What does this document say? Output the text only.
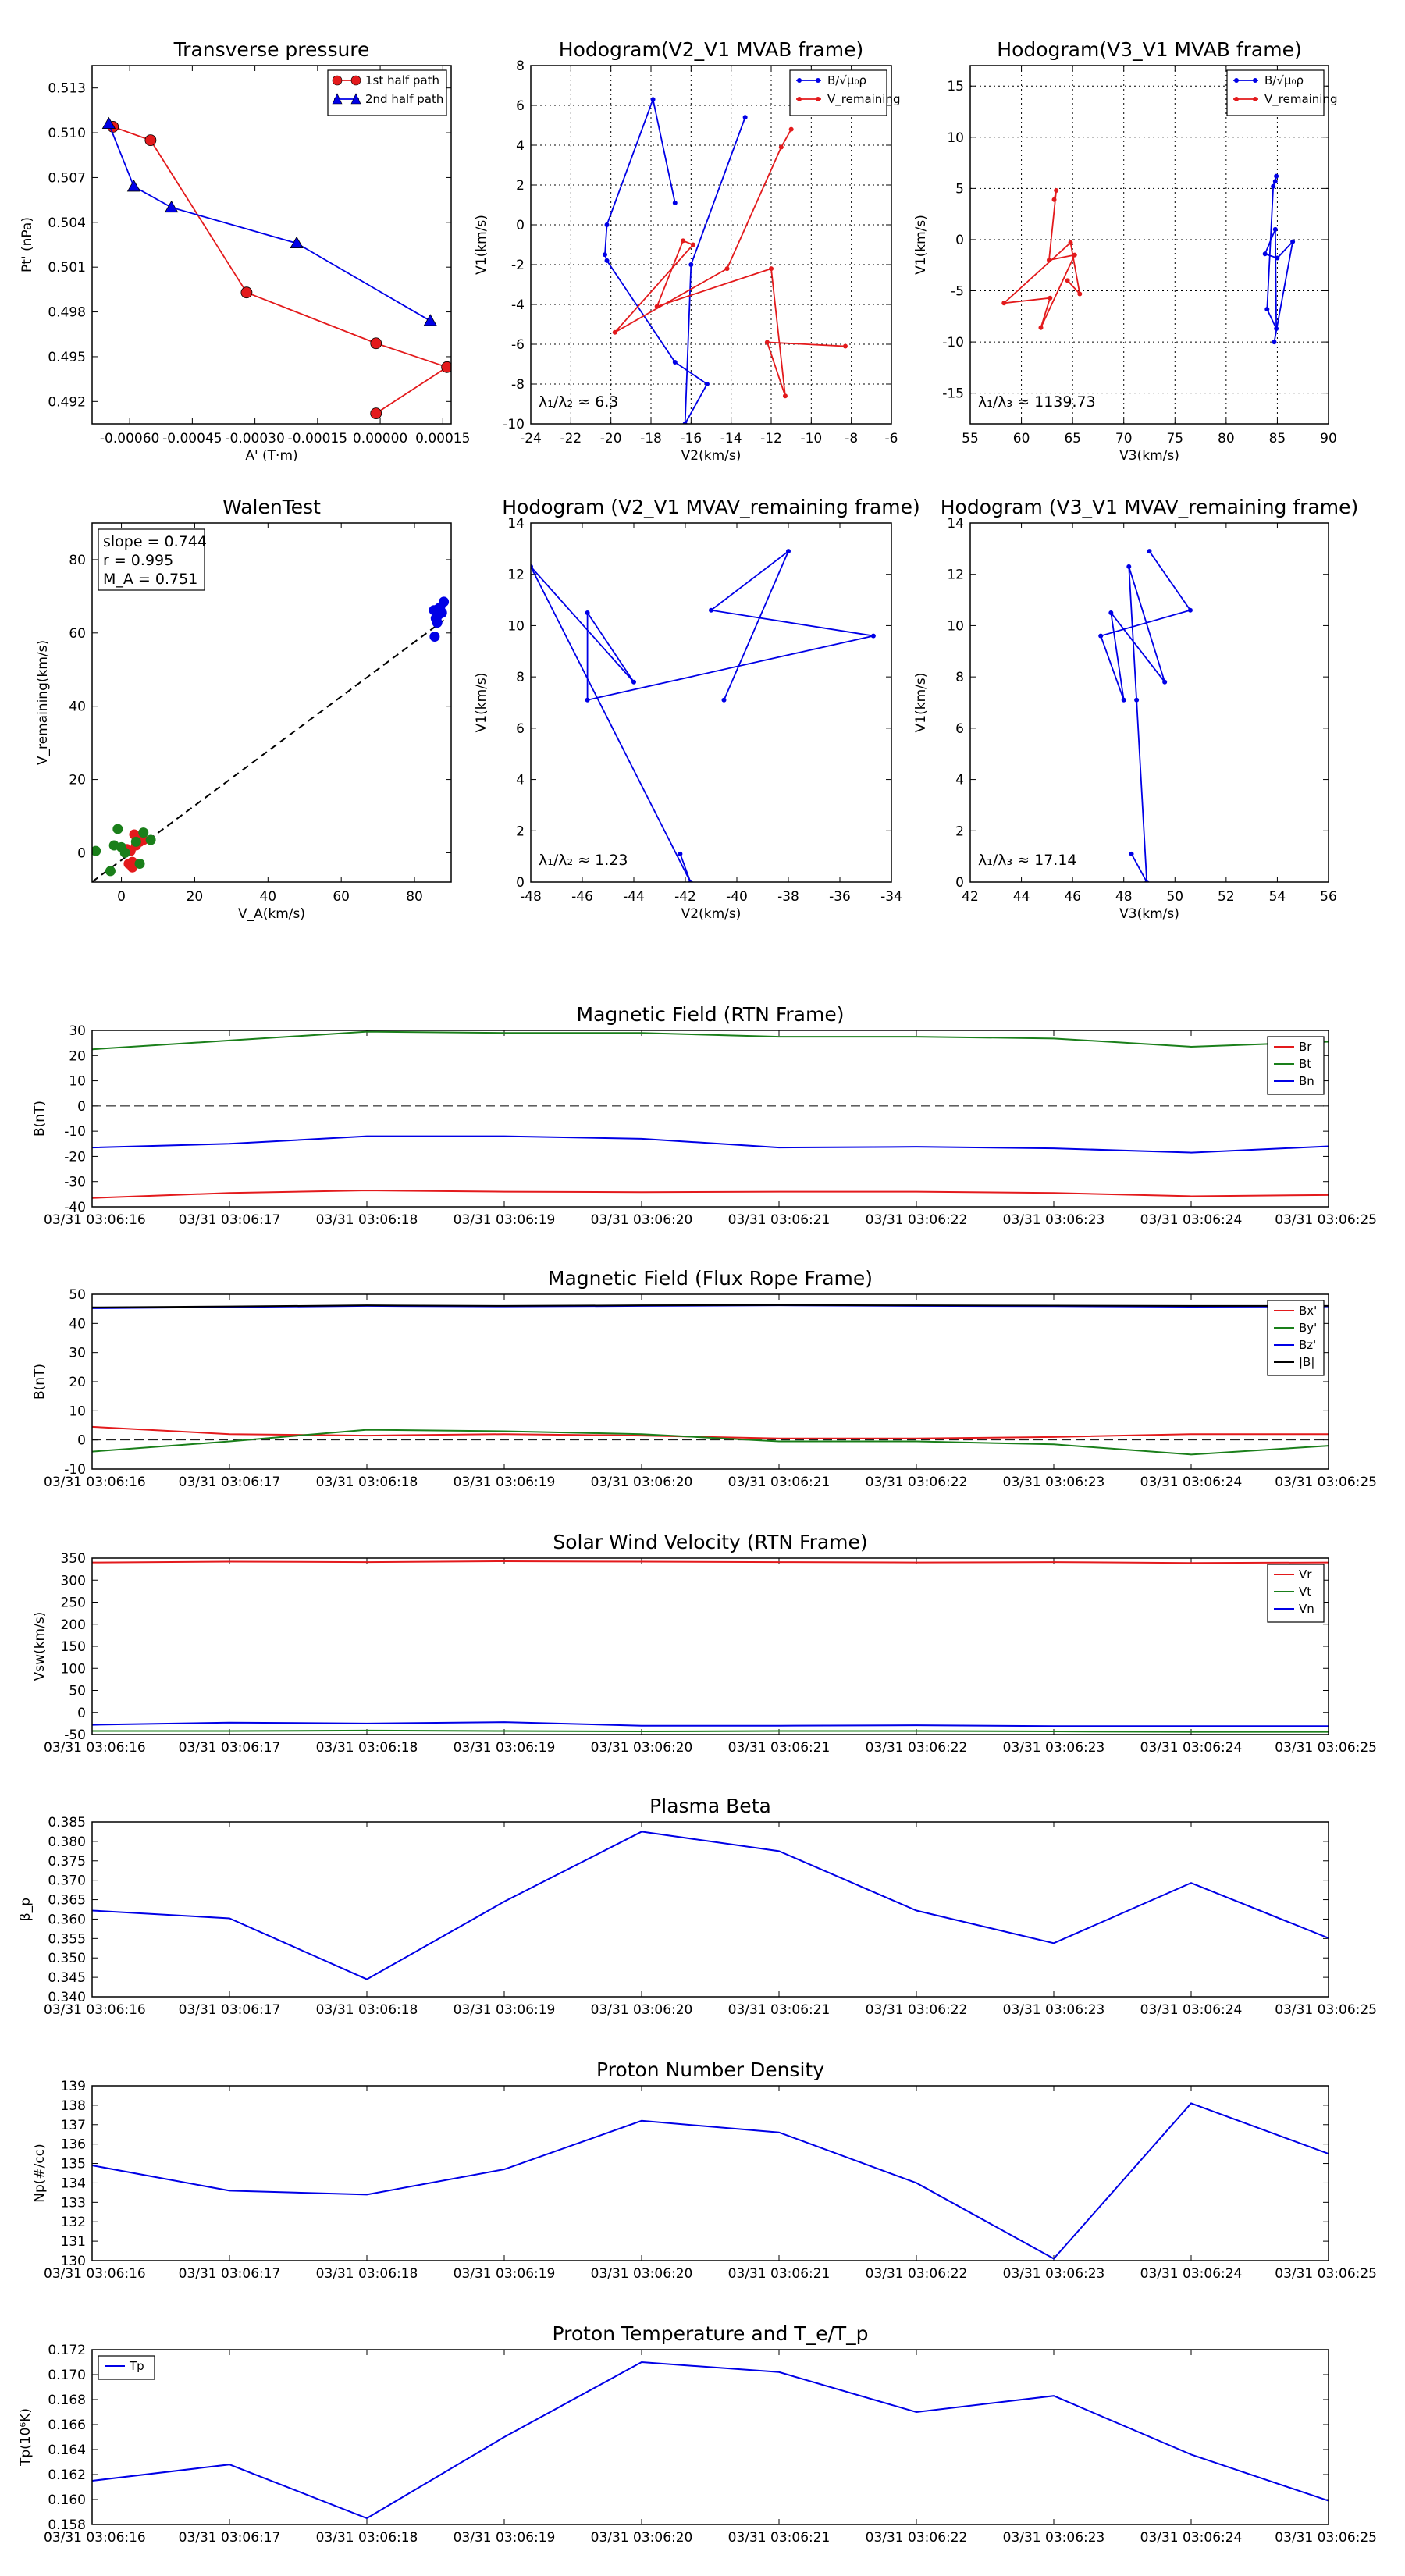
-0.00060 -0.00045 -0.00030 -0.00015 0.00000 0.00015
0.492
0.495
0.498
0.501
0.504
0.507
0.510
0.513
Transverse pressure
Pt' (nPa)
A' (T·m)
1st half path
2nd half path
-24 -22 -20 -18 -16 -14 -12 -10 -8 -6
-10
-8
-6
-4
-2
0
2
4
6
8
Hodogram(V2_V1 MVAB frame)
V1(km/s)
V2(km/s)
λ₁/λ₂ ≈ 6.3
B/√μ₀ρ
V_remaining
55	60	65	70	75	80	85	90
-15
-10
-5
0
5
10
15
Hodogram(V3_V1 MVAB frame)
V1(km/s)
V3(km/s)
λ₁/λ₃ ≈ 1139.73
B/√μ₀ρ
V_remaining
0	20	40	60	80
0
20
40
60
80
WalenTest
V_remaining(km/s)
V_A(km/s)
slope = 0.744
r = 0.995
M_A = 0.751
-48 -46 -44 -42 -40 -38 -36 -34
0
2
4
6
8
10
12
14
Hodogram (V2_V1 MVAV_remaining frame)
V1(km/s)
V2(km/s)
λ₁/λ₂ ≈ 1.23
42	44	46	48	50	52	54	56
0
2
4
6
8
10
12
14
Hodogram (V3_V1 MVAV_remaining frame)
V1(km/s)
V3(km/s)
λ₁/λ₃ ≈ 17.14
03/31 03:06:16 03/31 03:06:17	03/31 03:06:18	03/31 03:06:19	03/31 03:06:20	03/31 03:06:21	03/31 03:06:22	03/31 03:06:23	03/31 03:06:24 03/31 03:06:25
-40
-30
-20
-10
0
10
20
30
Magnetic Field (RTN Frame)
B(nT)
Br
Bt
Bn
03/31 03:06:16 03/31 03:06:17	03/31 03:06:18	03/31 03:06:19	03/31 03:06:20	03/31 03:06:21	03/31 03:06:22	03/31 03:06:23	03/31 03:06:24 03/31 03:06:25
-10
0
10
20
30
40
50
Magnetic Field (Flux Rope Frame)
B(nT)
Bx'
By'
Bz'
|B|
03/31 03:06:16 03/31 03:06:17	03/31 03:06:18	03/31 03:06:19	03/31 03:06:20	03/31 03:06:21	03/31 03:06:22	03/31 03:06:23	03/31 03:06:24 03/31 03:06:25
-50
0
50
100
150
200
250
300
350
Solar Wind Velocity (RTN Frame)
Vsw(km/s)
Vr
Vt
Vn
03/31 03:06:16 03/31 03:06:17	03/31 03:06:18	03/31 03:06:19	03/31 03:06:20	03/31 03:06:21	03/31 03:06:22	03/31 03:06:23	03/31 03:06:24 03/31 03:06:25
0.340
0.345
0.350
0.355
0.360
0.365
0.370
0.375
0.380
0.385
Plasma Beta
β_p
03/31 03:06:16 03/31 03:06:17	03/31 03:06:18	03/31 03:06:19	03/31 03:06:20	03/31 03:06:21	03/31 03:06:22	03/31 03:06:23	03/31 03:06:24 03/31 03:06:25
130
131
132
133
134
135
136
137
138
139
Proton Number Density
Np(#/cc)
03/31 03:06:16 03/31 03:06:17	03/31 03:06:18	03/31 03:06:19	03/31 03:06:20	03/31 03:06:21	03/31 03:06:22	03/31 03:06:23	03/31 03:06:24 03/31 03:06:25
0.158
0.160
0.162
0.164
0.166
0.168
0.170
0.172
Proton Temperature and T_e/T_p
Tp(10⁶K)
Tp
